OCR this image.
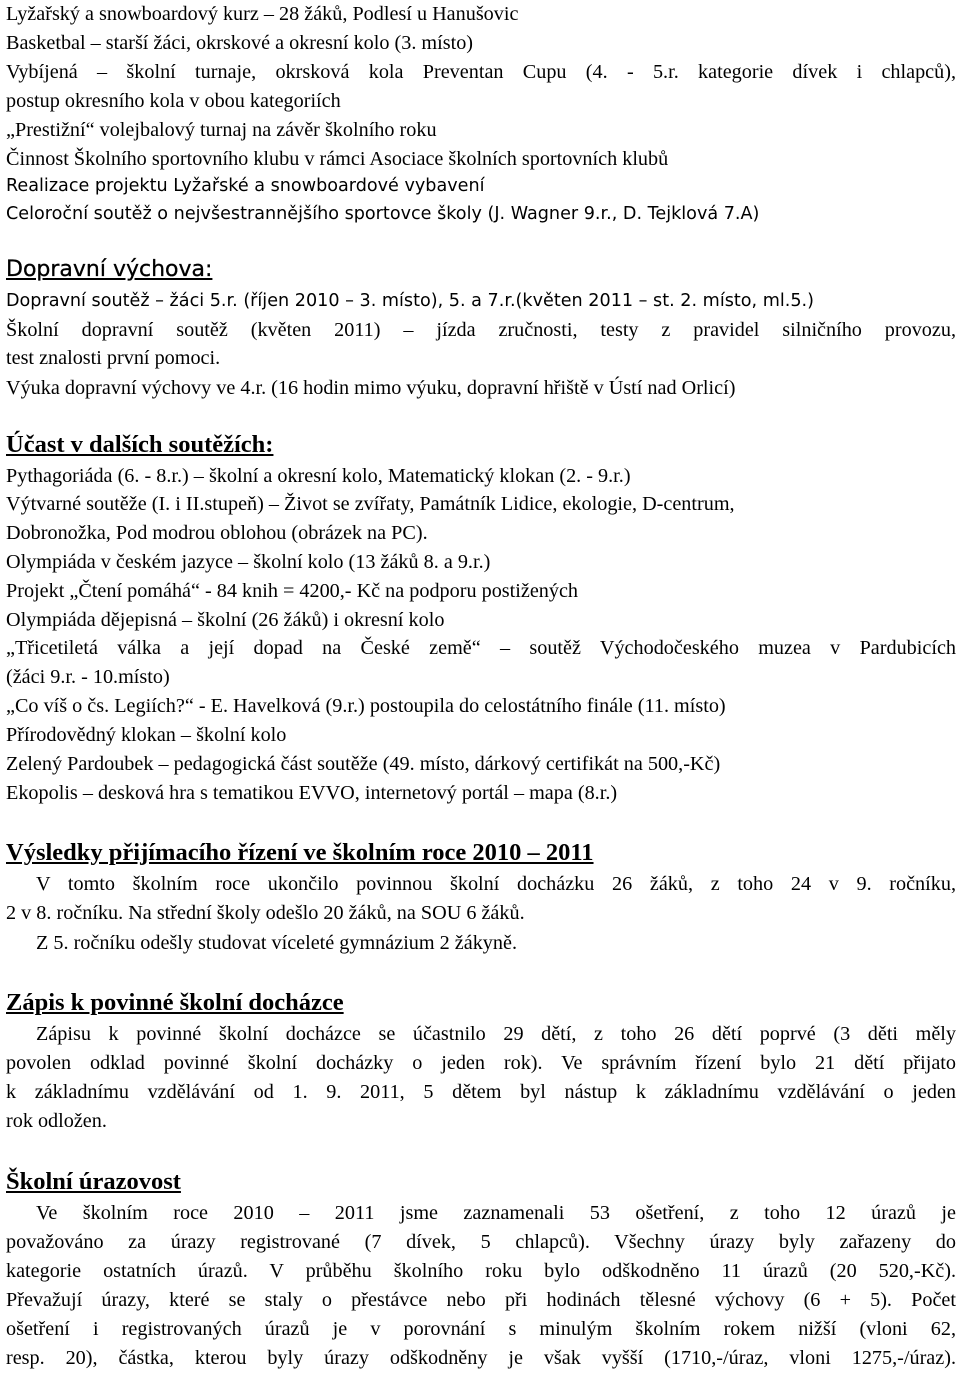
Lyžařský a snowboardový kurz – 28 žáků, Podlesí u Hanušovic
Basketbal – starší žáci, okrskové a okresní kolo (3. místo)
Vybíjená – školní turnaje, okrsková kola Preventan Cupu (4. - 5.r. kategorie dívek i chlapců),
postup okresního kola v obou kategoriích
„Prestižní“ volejbalový turnaj na závěr školního roku
Činnost Školního sportovního klubu v rámci Asociace školních sportovních klubů
Realizace projektu Lyžařské a snowboardové vybavení
Celoroční soutěž o nejvšestrannějšího sportovce školy (J. Wagner 9.r., D. Tejklová 7.A)
Dopravní výchova:
Dopravní soutěž – žáci 5.r. (říjen 2010 – 3. místo), 5. a 7.r.(květen 2011 – st. 2. místo, ml.5.)
Školní dopravní soutěž (květen 2011) – jízda zručnosti, testy z pravidel silničního provozu,
test znalosti první pomoci.
Výuka dopravní výchovy ve 4.r. (16 hodin mimo výuku, dopravní hřiště v Ústí nad Orlicí)
Účast v dalších soutěžích:
Pythagoriáda (6. - 8.r.) – školní a okresní kolo, Matematický klokan (2. - 9.r.)
Výtvarné soutěže (I. i II.stupeň) – Život se zvířaty, Památník Lidice, ekologie, D-centrum,
Dobronožka, Pod modrou oblohou (obrázek na PC).
Olympiáda v českém jazyce – školní kolo (13 žáků 8. a 9.r.)
Projekt „Čtení pomáhá“ - 84 knih = 4200,- Kč na podporu postižených
Olympiáda dějepisná – školní (26 žáků) i okresní kolo
„Třicetiletá válka a její dopad na České země“ – soutěž Východočeského muzea v Pardubicích
(žáci 9.r. - 10.místo)
„Co víš o čs. Legiích?“ - E. Havelková (9.r.) postoupila do celostátního finále (11. místo)
Přírodovědný klokan – školní kolo
Zelený Pardoubek – pedagogická část soutěže (49. místo, dárkový certifikát na 500,-Kč)
Ekopolis – desková hra s tematikou EVVO, internetový portál – mapa (8.r.)
Výsledky přijímacího řízení ve školním roce 2010 – 2011
V tomto školním roce ukončilo povinnou školní docházku 26 žáků, z toho 24 v 9. ročníku,
2 v 8. ročníku. Na střední školy odešlo 20 žáků, na SOU 6 žáků.
Z 5. ročníku odešly studovat víceleté gymnázium 2 žákyně.
Zápis k povinné školní docházce
Zápisu k povinné školní docházce se účastnilo 29 dětí, z toho 26 dětí poprvé (3 děti měly
povolen odklad povinné školní docházky o jeden rok). Ve správním řízení bylo 21 dětí přijato
k základnímu vzdělávání od 1. 9. 2011, 5 dětem byl nástup k základnímu vzdělávání o jeden
rok odložen.
Školní úrazovost
Ve školním roce 2010 – 2011 jsme zaznamenali 53 ošetření, z toho 12 úrazů je
považováno za úrazy registrované (7 dívek, 5 chlapců). Všechny úrazy byly zařazeny do
kategorie ostatních úrazů. V průběhu školního roku bylo odškodněno 11 úrazů (20 520,-Kč).
Převažují úrazy, které se staly o přestávce nebo při hodinách tělesné výchovy (6 + 5). Počet
ošetření i registrovaných úrazů je v porovnání s minulým školním rokem nižší (vloni 62,
resp. 20), částka, kterou byly úrazy odškodněny je však vyšší (1710,-/úraz, vloni 1275,-/úraz).
